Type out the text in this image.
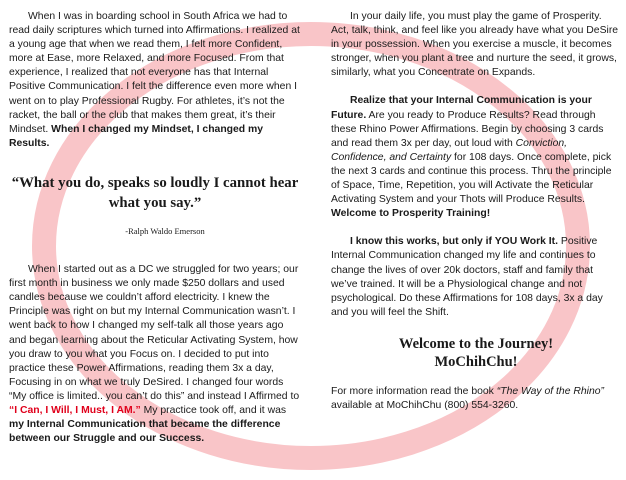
When I was in boarding school in South Africa we had to read daily scriptures which turned into Affirmations. I realized at a young age that when we read them, I felt more Confident, more at Ease, more Relaxed, and more Focused. From that experience, I realized that not everyone has that Internal Positive Communication. I felt the difference even more when I went on to play Professional Rugby. For athletes, it’s not the racket, the ball or the club that makes them great, it’s their Mindset. When I changed my Mindset, I changed my Results.

“What you do, speaks so loudly I cannot hear what you say.”
-Ralph Waldo Emerson

When I started out as a DC we struggled for two years; our first month in business we only made $250 dollars and used candles because we couldn’t afford electricity. I knew the Principle was right on but my Internal Communication wasn’t. I went back to how I changed my self-talk all those years ago and began learning about the Reticular Activating System, how you draw to you what you Focus on. I decided to put into practice these Power Affirmations, reading them 3x a day, Focusing in on what we truly DeSired. I changed four words “My office is limited.. you can’t do this” and instead I Affirmed to “I Can, I Will, I Must, I AM.” My practice took off, and it was my Internal Communication that became the difference between our Struggle and our Success.

In your daily life, you must play the game of Prosperity. Act, talk, think, and feel like you already have what you DeSire in your possession. When you exercise a muscle, it becomes stronger, when you plant a tree and nurture the seed, it grows, similarly, what you Concentrate on Expands.

Realize that your Internal Communication is your Future. Are you ready to Produce Results? Read through these Rhino Power Affirmations. Begin by choosing 3 cards and read them 3x per day, out loud with Conviction, Confidence, and Certainty for 108 days. Once complete, pick the next 3 cards and continue this process. Thru the principle of Space, Time, Repetition, you will Activate the Reticular Activating System and your Thots will Produce Results. Welcome to Prosperity Training!

I know this works, but only if YOU Work It. Positive Internal Communication changed my life and continues to change the lives of over 20k doctors, staff and family that we’ve trained. It will be a Physiological change and not psychological. Do these Affirmations for 108 days, 3x a day and you will feel the Shift.

Welcome to the Journey!
MoChihChu!

For more information read the book “The Way of the Rhino” available at MoChihChu (800) 554-3260.
